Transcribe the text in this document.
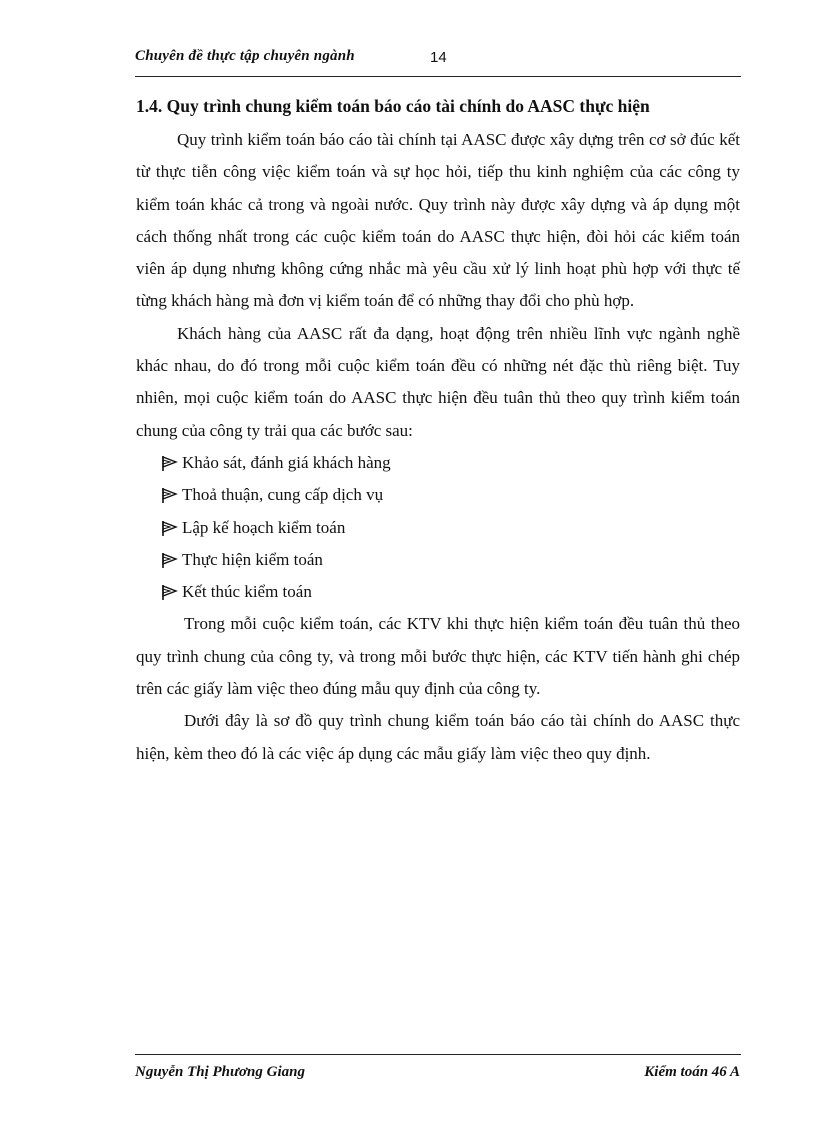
Chuyên đề thực tập chuyên ngành	14

1.4. Quy trình chung kiểm toán báo cáo tài chính do AASC thực hiện

Quy trình kiểm toán báo cáo tài chính tại AASC được xây dựng trên cơ sở đúc kết từ thực tiễn công việc kiểm toán và sự học hỏi, tiếp thu kinh nghiệm của các công ty kiểm toán khác cả trong và ngoài nước. Quy trình này được xây dựng và áp dụng một cách thống nhất trong các cuộc kiểm toán do AASC thực hiện, đòi hỏi các kiểm toán viên áp dụng nhưng không cứng nhắc mà yêu cầu xử lý linh hoạt phù hợp với thực tế từng khách hàng mà đơn vị kiểm toán để có những thay đổi cho phù hợp.

Khách hàng của AASC rất đa dạng, hoạt động trên nhiều lĩnh vực ngành nghề khác nhau, do đó trong mỗi cuộc kiểm toán đều có những nét đặc thù riêng biệt. Tuy nhiên, mọi cuộc kiểm toán do AASC thực hiện đều tuân thủ theo quy trình kiểm toán chung của công ty trải qua các bước sau:

Khảo sát, đánh giá khách hàng
Thoả thuận, cung cấp dịch vụ
Lập kế hoạch kiểm toán
Thực hiện kiểm toán
Kết thúc kiểm toán

Trong mỗi cuộc kiểm toán, các KTV khi thực hiện kiểm toán đều tuân thủ theo quy trình chung của công ty, và trong mỗi bước thực hiện, các KTV tiến hành ghi chép trên các giấy làm việc theo đúng mẫu quy định của công ty.

Dưới đây là sơ đồ quy trình chung kiểm toán báo cáo tài chính do AASC thực hiện, kèm theo đó là các việc áp dụng các mẫu giấy làm việc theo quy định.

Nguyễn Thị Phương Giang	Kiểm toán 46 A
